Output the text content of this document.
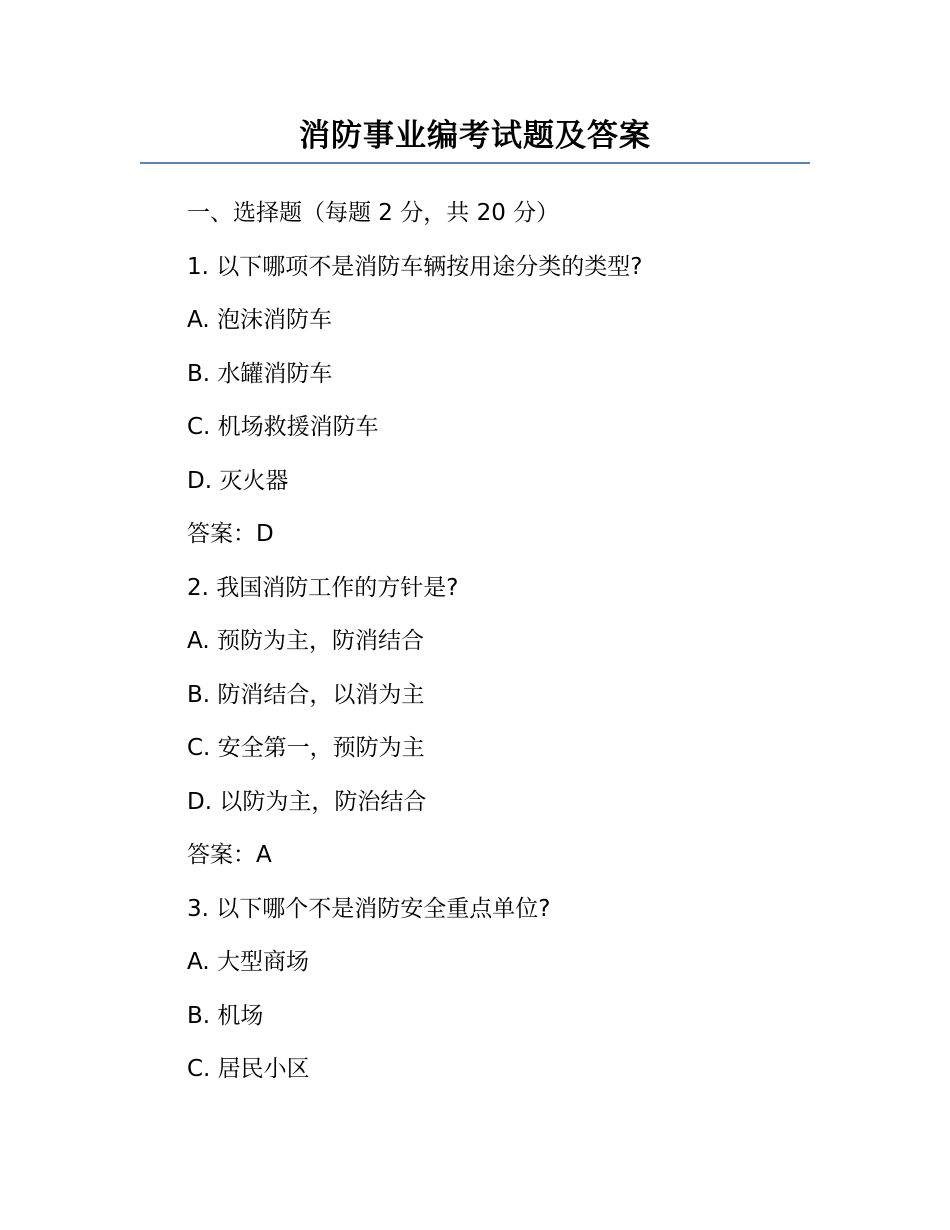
消防事业编考试题及答案
一、选择题（每题 2 分，共 20 分）
1. 以下哪项不是消防车辆按用途分类的类型?
A. 泡沫消防车
B. 水罐消防车
C. 机场救援消防车
D. 灭火器
答案：D
2. 我国消防工作的方针是?
A. 预防为主，防消结合
B. 防消结合，以消为主
C. 安全第一，预防为主
D. 以防为主，防治结合
答案：A
3. 以下哪个不是消防安全重点单位?
A. 大型商场
B. 机场
C. 居民小区
